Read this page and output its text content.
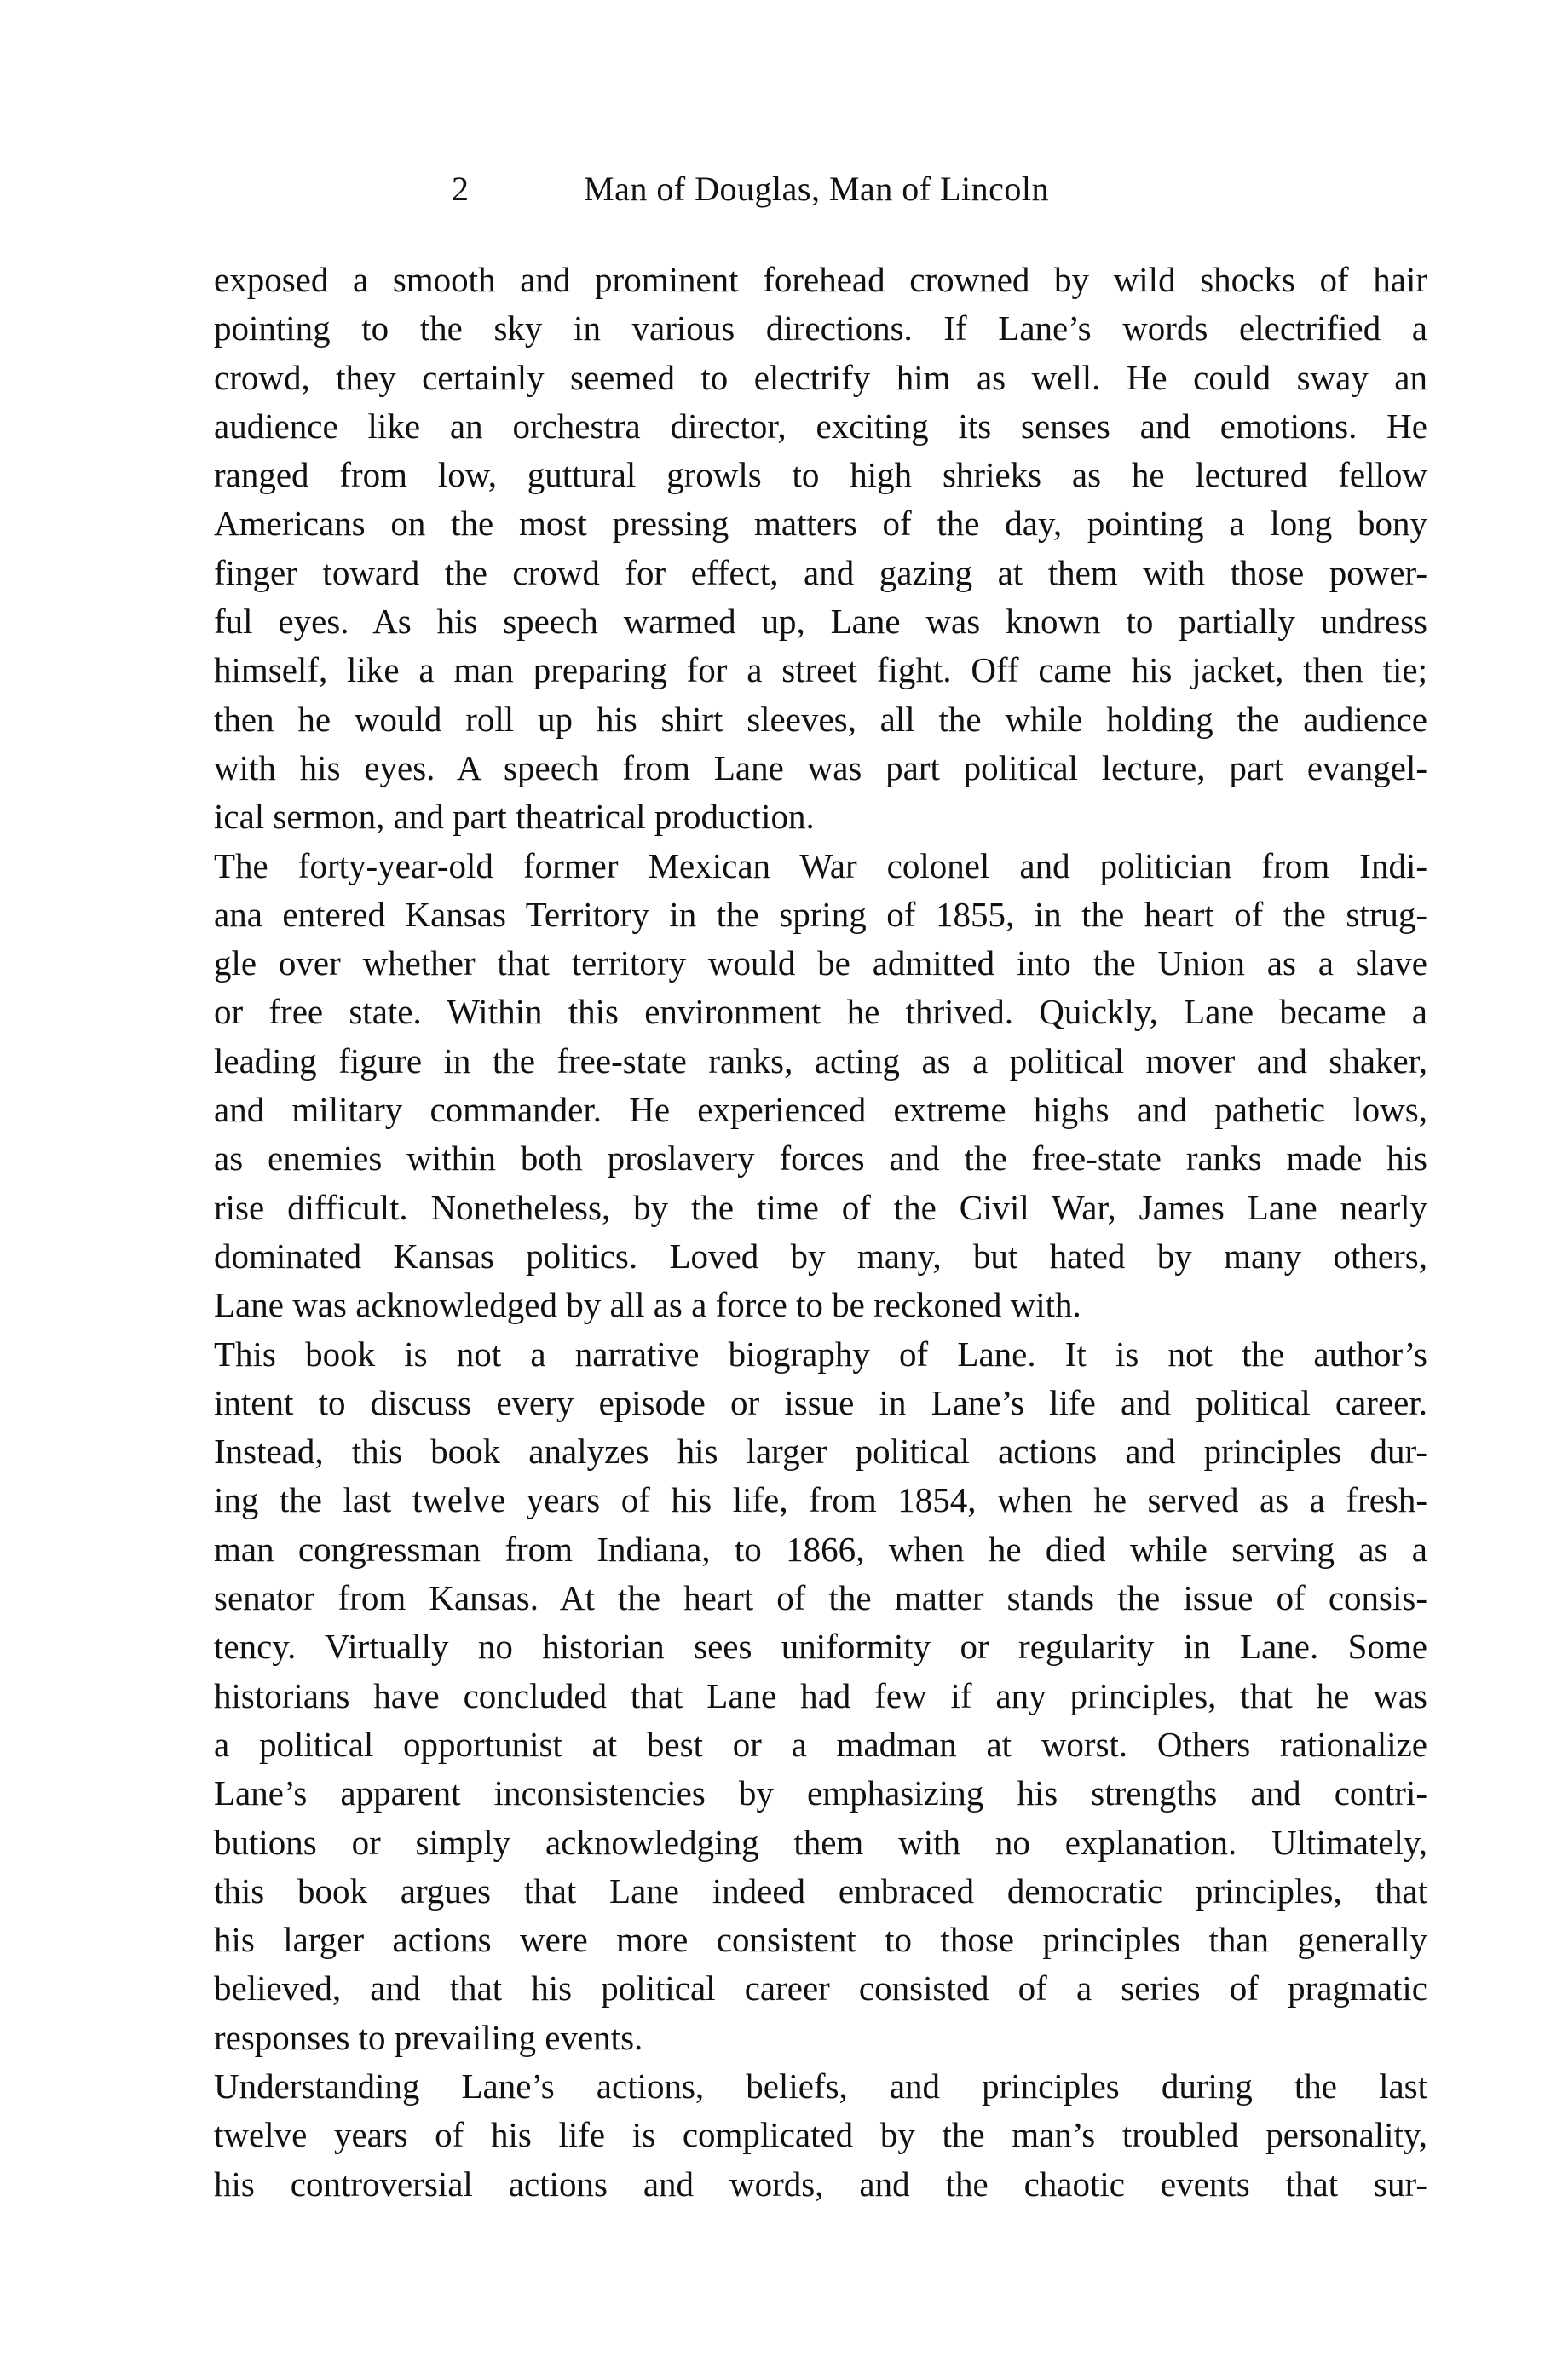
2	Man of Douglas, Man of Lincoln

exposed a smooth and prominent forehead crowned by wild shocks of hair
pointing to the sky in various directions. If Lane’s words electrified a
crowd, they certainly seemed to electrify him as well. He could sway an
audience like an orchestra director, exciting its senses and emotions. He
ranged from low, guttural growls to high shrieks as he lectured fellow
Americans on the most pressing matters of the day, pointing a long bony
finger toward the crowd for effect, and gazing at them with those power-
ful eyes. As his speech warmed up, Lane was known to partially undress
himself, like a man preparing for a street fight. Off came his jacket, then tie;
then he would roll up his shirt sleeves, all the while holding the audience
with his eyes. A speech from Lane was part political lecture, part evangel-
ical sermon, and part theatrical production.

The forty-year-old former Mexican War colonel and politician from Indi-
ana entered Kansas Territory in the spring of 1855, in the heart of the strug-
gle over whether that territory would be admitted into the Union as a slave
or free state. Within this environment he thrived. Quickly, Lane became a
leading figure in the free-state ranks, acting as a political mover and shaker,
and military commander. He experienced extreme highs and pathetic lows,
as enemies within both proslavery forces and the free-state ranks made his
rise difficult. Nonetheless, by the time of the Civil War, James Lane nearly
dominated Kansas politics. Loved by many, but hated by many others,
Lane was acknowledged by all as a force to be reckoned with.

This book is not a narrative biography of Lane. It is not the author’s
intent to discuss every episode or issue in Lane’s life and political career.
Instead, this book analyzes his larger political actions and principles dur-
ing the last twelve years of his life, from 1854, when he served as a fresh-
man congressman from Indiana, to 1866, when he died while serving as a
senator from Kansas. At the heart of the matter stands the issue of consis-
tency. Virtually no historian sees uniformity or regularity in Lane. Some
historians have concluded that Lane had few if any principles, that he was
a political opportunist at best or a madman at worst. Others rationalize
Lane’s apparent inconsistencies by emphasizing his strengths and contri-
butions or simply acknowledging them with no explanation. Ultimately,
this book argues that Lane indeed embraced democratic principles, that
his larger actions were more consistent to those principles than generally
believed, and that his political career consisted of a series of pragmatic
responses to prevailing events.

Understanding Lane’s actions, beliefs, and principles during the last
twelve years of his life is complicated by the man’s troubled personality,
his controversial actions and words, and the chaotic events that sur-
